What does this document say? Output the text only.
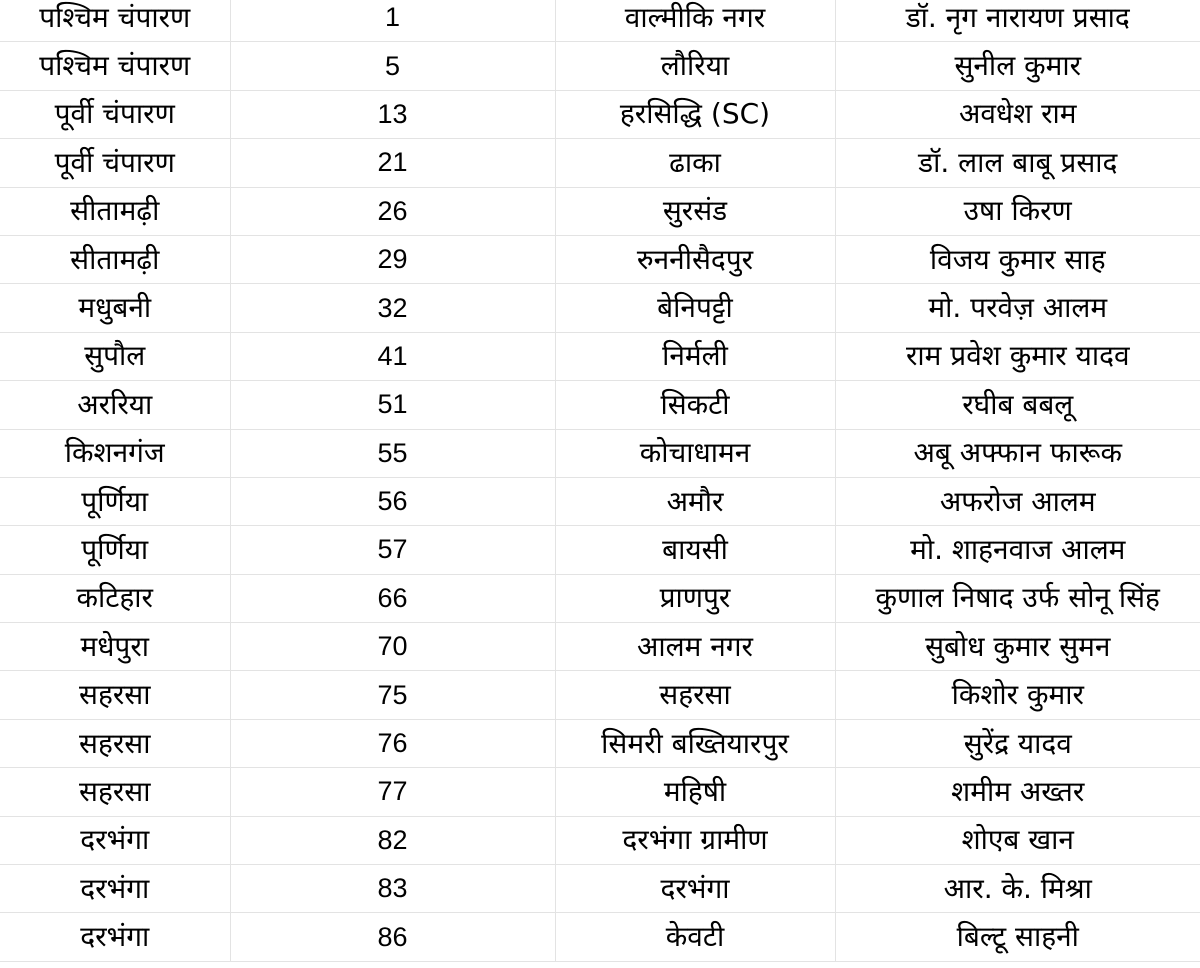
पश्चिम चंपारण	1	वाल्मीकि नगर	डॉ. नृग नारायण प्रसाद
पश्चिम चंपारण	5	लौरिया	सुनील कुमार
पूर्वी चंपारण	13	हरसिद्धि (SC)	अवधेश राम
पूर्वी चंपारण	21	ढाका	डॉ. लाल बाबू प्रसाद
सीतामढ़ी	26	सुरसंड	उषा किरण
सीतामढ़ी	29	रुननीसैदपुर	विजय कुमार साह
मधुबनी	32	बेनिपट्टी	मो. परवेज़ आलम
सुपौल	41	निर्मली	राम प्रवेश कुमार यादव
अररिया	51	सिकटी	रघीब बबलू
किशनगंज	55	कोचाधामन	अबू अफ्फान फारूक
पूर्णिया	56	अमौर	अफरोज आलम
पूर्णिया	57	बायसी	मो. शाहनवाज आलम
कटिहार	66	प्राणपुर	कुणाल निषाद उर्फ सोनू सिंह
मधेपुरा	70	आलम नगर	सुबोध कुमार सुमन
सहरसा	75	सहरसा	किशोर कुमार
सहरसा	76	सिमरी बख्तियारपुर	सुरेंद्र यादव
सहरसा	77	महिषी	शमीम अख्तर
दरभंगा	82	दरभंगा ग्रामीण	शोएब खान
दरभंगा	83	दरभंगा	आर. के. मिश्रा
दरभंगा	86	केवटी	बिल्टू साहनी
